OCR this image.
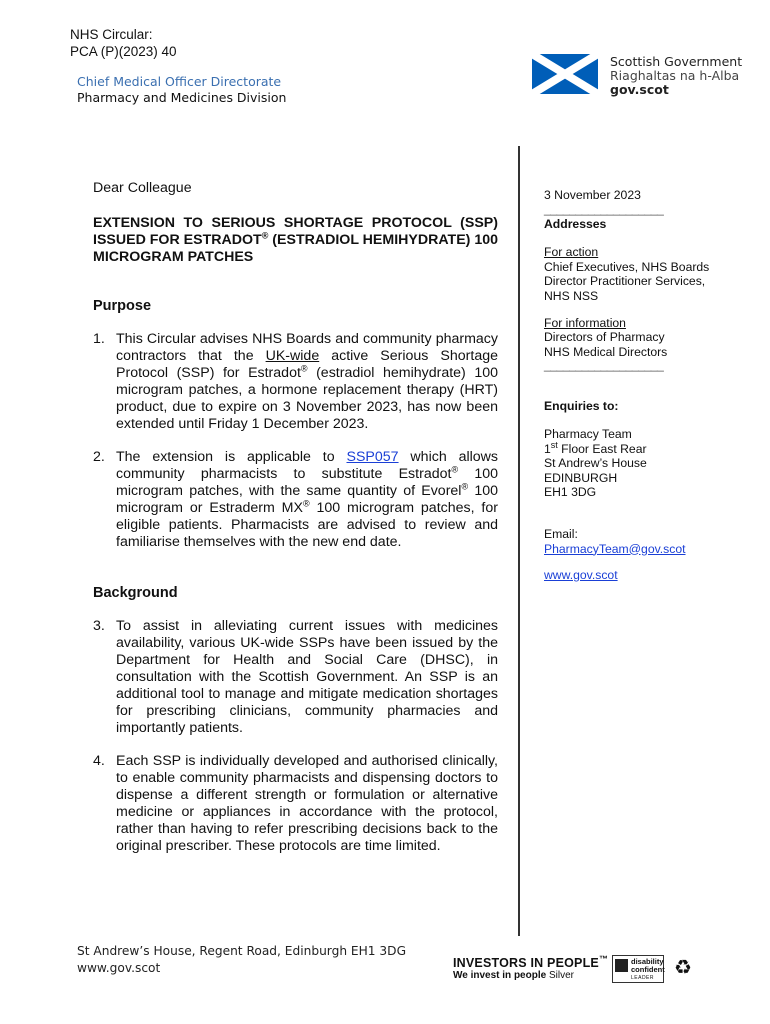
NHS Circular:
PCA (P)(2023) 40
Chief Medical Officer Directorate
Pharmacy and Medicines Division
Scottish Government
Riaghaltas na h-Alba
gov.scot

Dear Colleague

EXTENSION TO SERIOUS SHORTAGE PROTOCOL (SSP) ISSUED FOR ESTRADOT® (ESTRADIOL HEMIHYDRATE) 100 MICROGRAM PATCHES

Purpose

1. This Circular advises NHS Boards and community pharmacy contractors that the UK-wide active Serious Shortage Protocol (SSP) for Estradot® (estradiol hemihydrate) 100 microgram patches, a hormone replacement therapy (HRT) product, due to expire on 3 November 2023, has now been extended until Friday 1 December 2023.
2. The extension is applicable to SSP057 which allows community pharmacists to substitute Estradot® 100 microgram patches, with the same quantity of Evorel® 100 microgram or Estraderm MX® 100 microgram patches, for eligible patients. Pharmacists are advised to review and familiarise themselves with the new end date.

Background

3. To assist in alleviating current issues with medicines availability, various UK-wide SSPs have been issued by the Department for Health and Social Care (DHSC), in consultation with the Scottish Government. An SSP is an additional tool to manage and mitigate medication shortages for prescribing clinicians, community pharmacies and importantly patients.
4. Each SSP is individually developed and authorised clinically, to enable community pharmacists and dispensing doctors to dispense a different strength or formulation or alternative medicine or appliances in accordance with the protocol, rather than having to refer prescribing decisions back to the original prescriber. These protocols are time limited.
3 November 2023
___________________
Addresses
For action
Chief Executives, NHS Boards
Director Practitioner Services,
NHS NSS
For information
Directors of Pharmacy
NHS Medical Directors
___________________
Enquiries to:
Pharmacy Team
1st Floor East Rear
St Andrew’s House
EDINBURGH
EH1 3DG
Email:
PharmacyTeam@gov.scot
www.gov.scot
St Andrew’s House, Regent Road, Edinburgh EH1 3DG
www.gov.scot	INVESTORS IN PEOPLE™
We invest in people Silver
disability
confident
LEADER ♻
